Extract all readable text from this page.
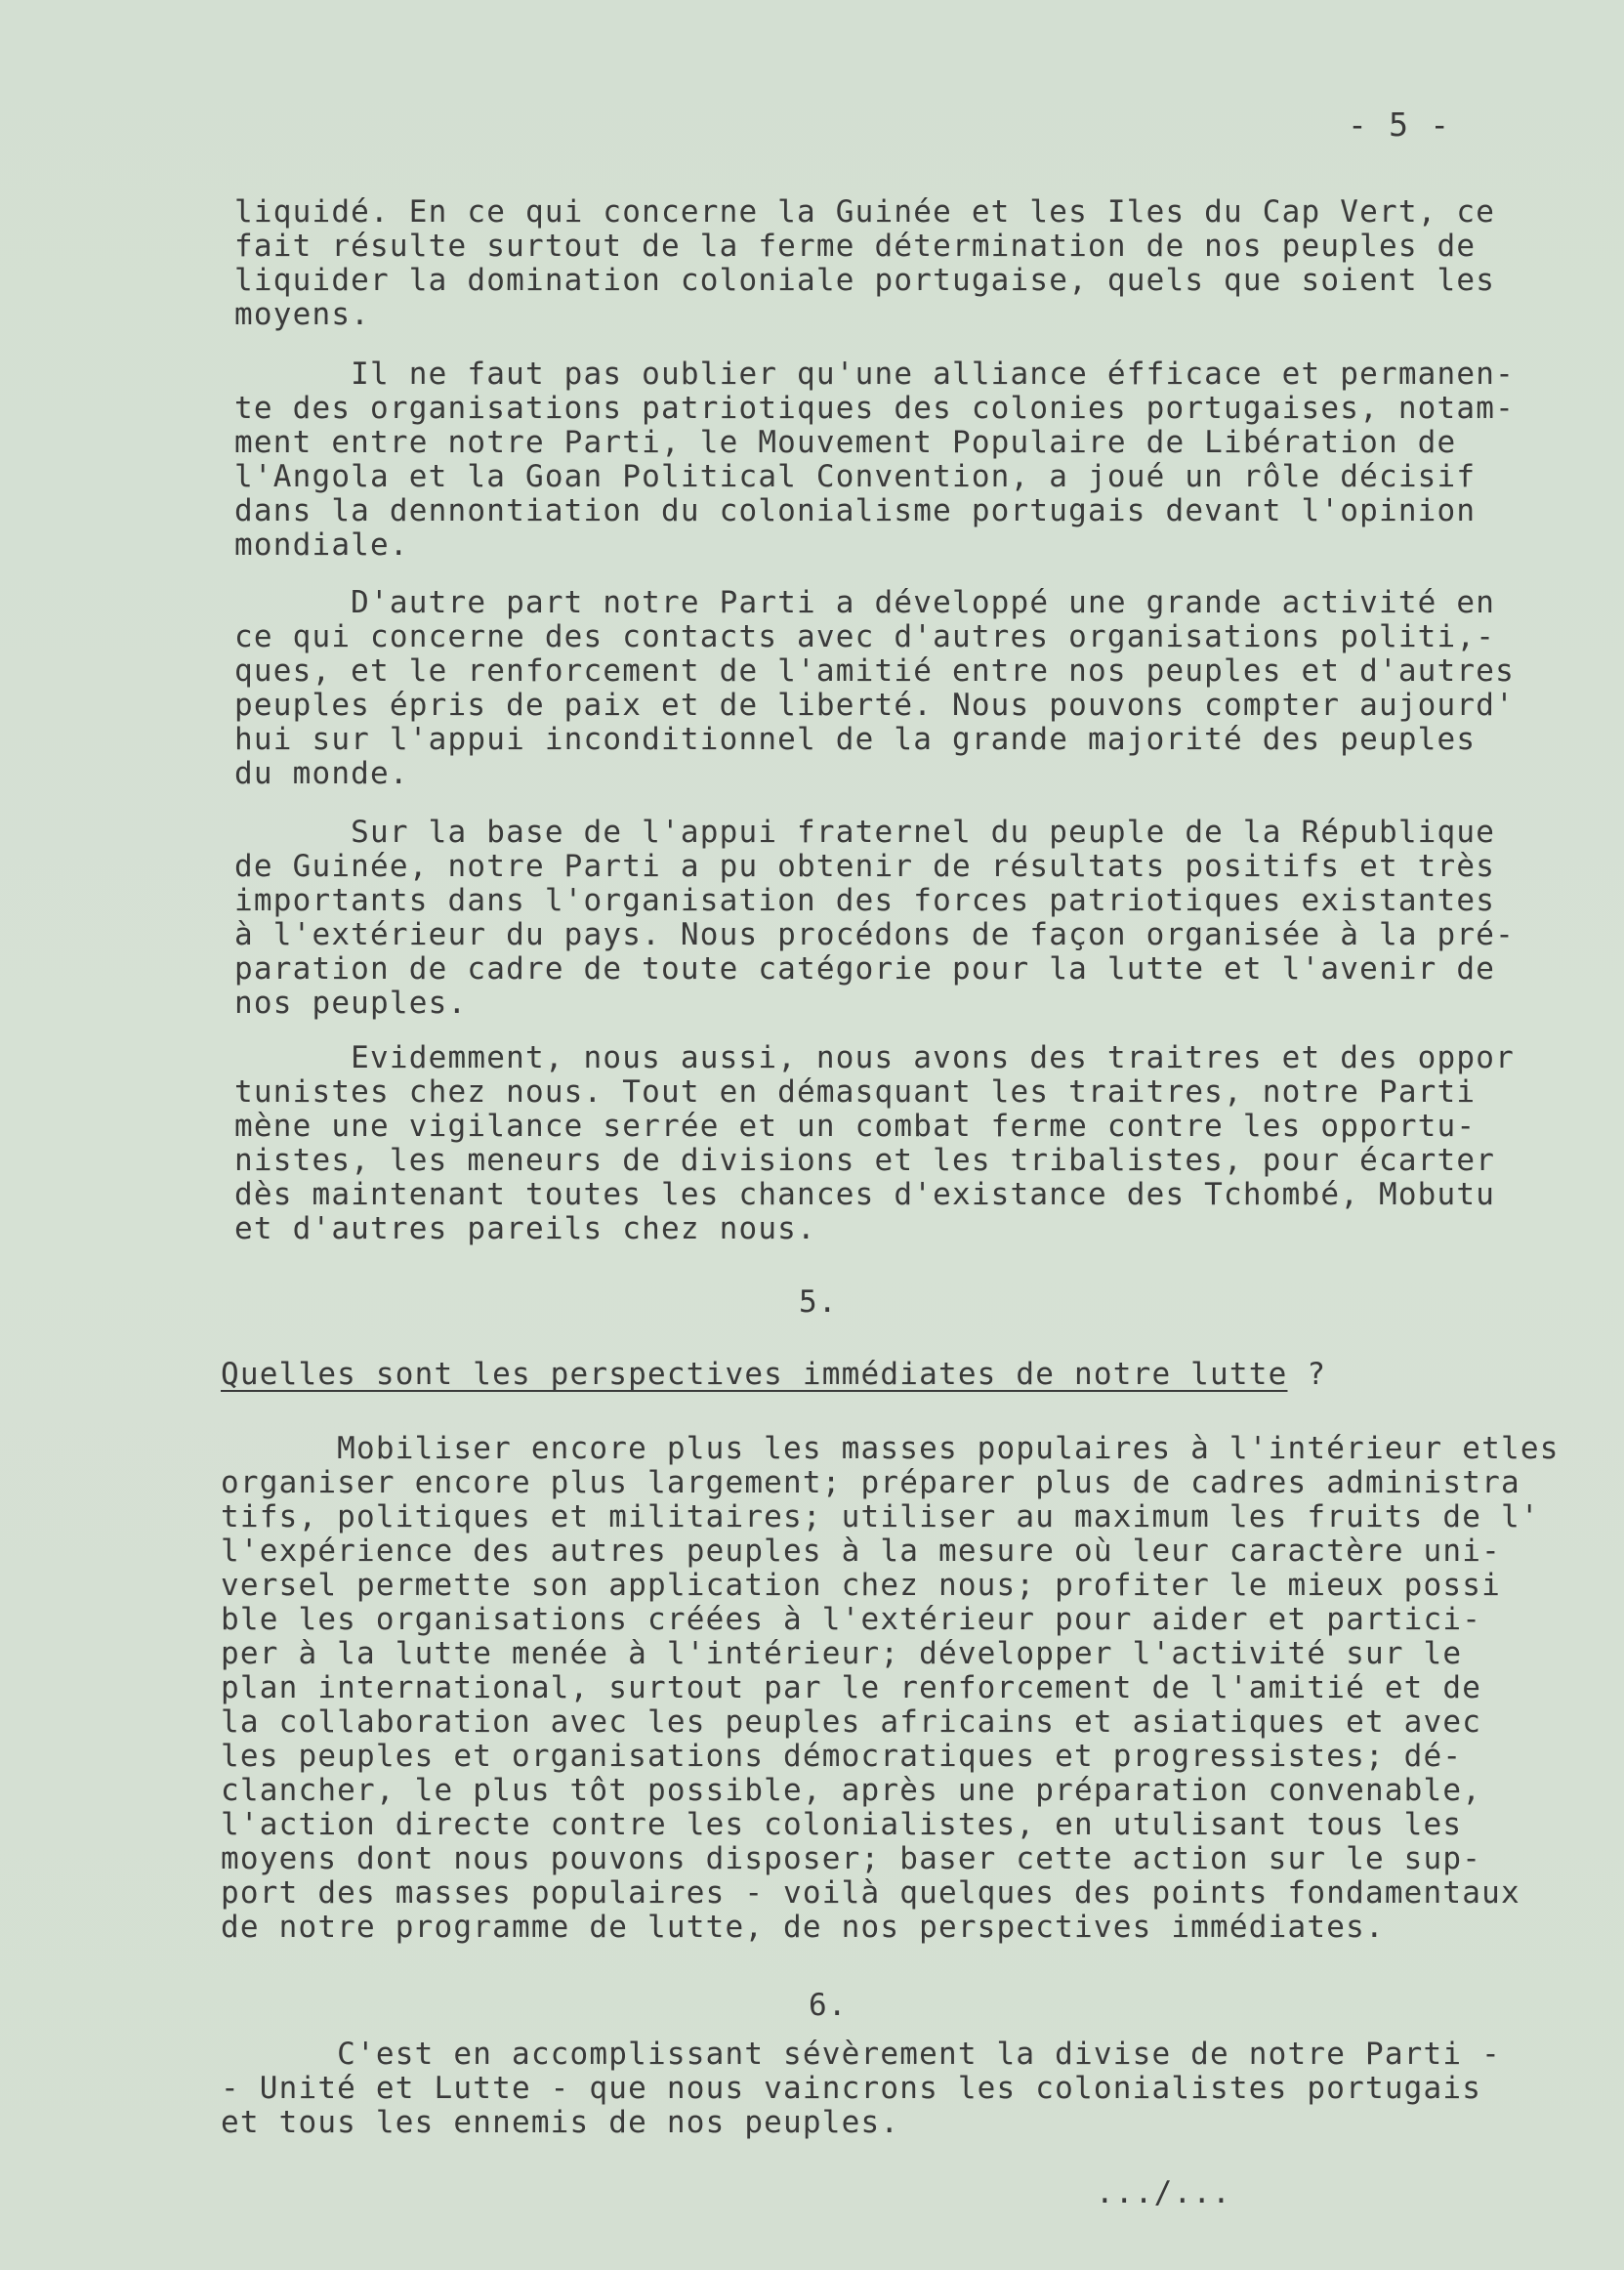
- 5 -
liquidé. En ce qui concerne la Guinée et les Iles du Cap Vert, ce
fait résulte surtout de la ferme détermination de nos peuples de
liquider la domination coloniale portugaise, quels que soient les
moyens.
Il ne faut pas oublier qu'une alliance éfficace et permanen-
te des organisations patriotiques des colonies portugaises, notam-
ment entre notre Parti, le Mouvement Populaire de Libération de
l'Angola et la Goan Political Convention, a joué un rôle décisif
dans la dennontiation du colonialisme portugais devant l'opinion
mondiale.
D'autre part notre Parti a développé une grande activité en
ce qui concerne des contacts avec d'autres organisations politi,-
ques, et le renforcement de l'amitié entre nos peuples et d'autres
peuples épris de paix et de liberté. Nous pouvons compter aujourd'
hui sur l'appui inconditionnel de la grande majorité des peuples
du monde.
Sur la base de l'appui fraternel du peuple de la République
de Guinée, notre Parti a pu obtenir de résultats positifs et très
importants dans l'organisation des forces patriotiques existantes
à l'extérieur du pays. Nous procédons de façon organisée à la pré-
paration de cadre de toute catégorie pour la lutte et l'avenir de
nos peuples.
Evidemment, nous aussi, nous avons des traitres et des oppor
tunistes chez nous. Tout en démasquant les traitres, notre Parti
mène une vigilance serrée et un combat ferme contre les opportu-
nistes, les meneurs de divisions et les tribalistes, pour écarter
dès maintenant toutes les chances d'existance des Tchombé, Mobutu
et d'autres pareils chez nous.
5.
Quelles sont les perspectives immédiates de notre lutte ?
Mobiliser encore plus les masses populaires à l'intérieur etles
organiser encore plus largement; préparer plus de cadres administra
tifs, politiques et militaires; utiliser au maximum les fruits de l'
l'expérience des autres peuples à la mesure où leur caractère uni-
versel permette son application chez nous; profiter le mieux possi
ble les organisations créées à l'extérieur pour aider et partici-
per à la lutte menée à l'intérieur; développer l'activité sur le
plan international, surtout par le renforcement de l'amitié et de
la collaboration avec les peuples africains et asiatiques et avec
les peuples et organisations démocratiques et progressistes; dé-
clancher, le plus tôt possible, après une préparation convenable,
l'action directe contre les colonialistes, en utulisant tous les
moyens dont nous pouvons disposer; baser cette action sur le sup-
port des masses populaires - voilà quelques des points fondamentaux
de notre programme de lutte, de nos perspectives immédiates.
6.
C'est en accomplissant sévèrement la divise de notre Parti -
- Unité et Lutte - que nous vaincrons les colonialistes portugais
et tous les ennemis de nos peuples.
.../...
